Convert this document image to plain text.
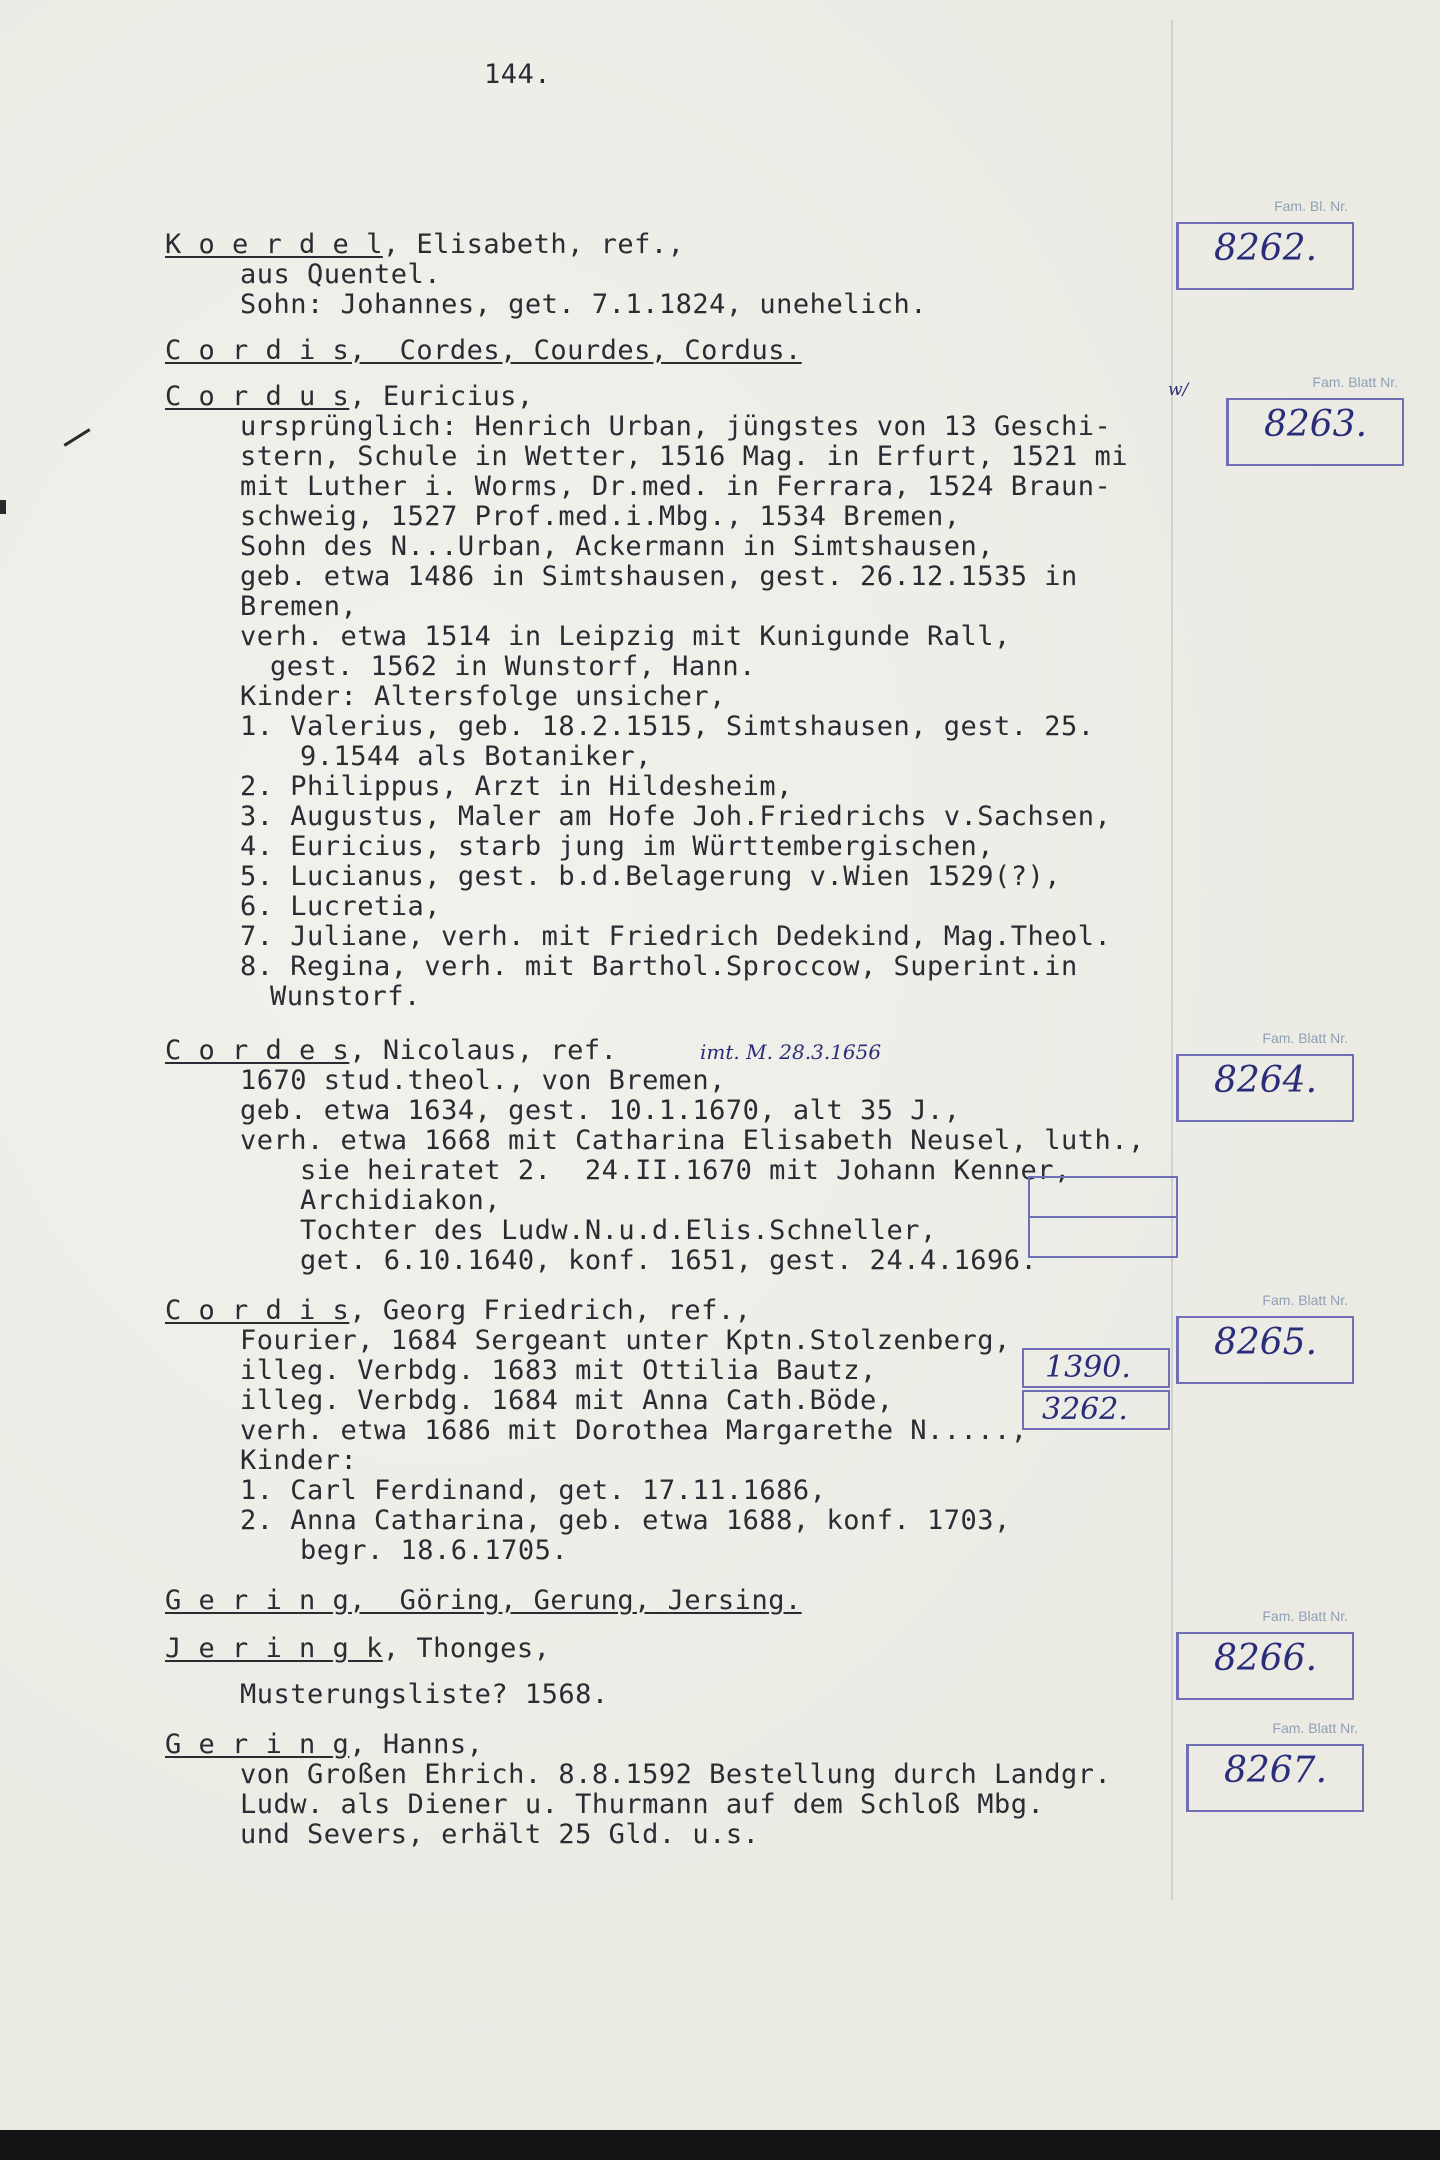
144.
K o e r d e l, Elisabeth, ref.,
aus Quentel.
Sohn: Johannes, get. 7.1.1824, unehelich.
C o r d i s,  Cordes, Courdes, Cordus.
C o r d u s, Euricius,	w/
ursprünglich: Henrich Urban, jüngstes von 13 Geschi-
stern, Schule in Wetter, 1516 Mag. in Erfurt, 1521 mi
mit Luther i. Worms, Dr.med. in Ferrara, 1524 Braun-
schweig, 1527 Prof.med.i.Mbg., 1534 Bremen,
Sohn des N...Urban, Ackermann in Simtshausen,
geb. etwa 1486 in Simtshausen, gest. 26.12.1535 in
Bremen,
verh. etwa 1514 in Leipzig mit Kunigunde Rall,
gest. 1562 in Wunstorf, Hann.
Kinder: Altersfolge unsicher,
1. Valerius, geb. 18.2.1515, Simtshausen, gest. 25.
9.1544 als Botaniker,
2. Philippus, Arzt in Hildesheim,
3. Augustus, Maler am Hofe Joh.Friedrichs v.Sachsen,
4. Euricius, starb jung im Württembergischen,
5. Lucianus, gest. b.d.Belagerung v.Wien 1529(?),
6. Lucretia,
7. Juliane, verh. mit Friedrich Dedekind, Mag.Theol.
8. Regina, verh. mit Barthol.Sproccow, Superint.in
Wunstorf.
C o r d e s, Nicolaus, ref.	imt. M. 28.3.1656
1670 stud.theol., von Bremen,
geb. etwa 1634, gest. 10.1.1670, alt 35 J.,
verh. etwa 1668 mit Catharina Elisabeth Neusel, luth.,
sie heiratet 2.  24.II.1670 mit Johann Kenner,
Archidiakon,
Tochter des Ludw.N.u.d.Elis.Schneller,
get. 6.10.1640, konf. 1651, gest. 24.4.1696.
C o r d i s, Georg Friedrich, ref.,
Fourier, 1684 Sergeant unter Kptn.Stolzenberg,
illeg. Verbdg. 1683 mit Ottilia Bautz,
illeg. Verbdg. 1684 mit Anna Cath.Böde,
verh. etwa 1686 mit Dorothea Margarethe N.....,
Kinder:
1. Carl Ferdinand, get. 17.11.1686,
2. Anna Catharina, geb. etwa 1688, konf. 1703,
begr. 18.6.1705.
1390.
3262.
G e r i n g,  Göring, Gerung, Jersing.
J e r i n g k, Thonges,
Musterungsliste? 1568.
G e r i n g, Hanns,
von Großen Ehrich. 8.8.1592 Bestellung durch Landgr.
Ludw. als Diener u. Thurmann auf dem Schloß Mbg.
und Severs, erhält 25 Gld. u.s.
Fam. Bl. Nr.
8262.
Fam. Blatt Nr.
8263.
Fam. Blatt Nr.
8264.
Fam. Blatt Nr.
8265.
Fam. Blatt Nr.
8266.
Fam. Blatt Nr.
8267.
